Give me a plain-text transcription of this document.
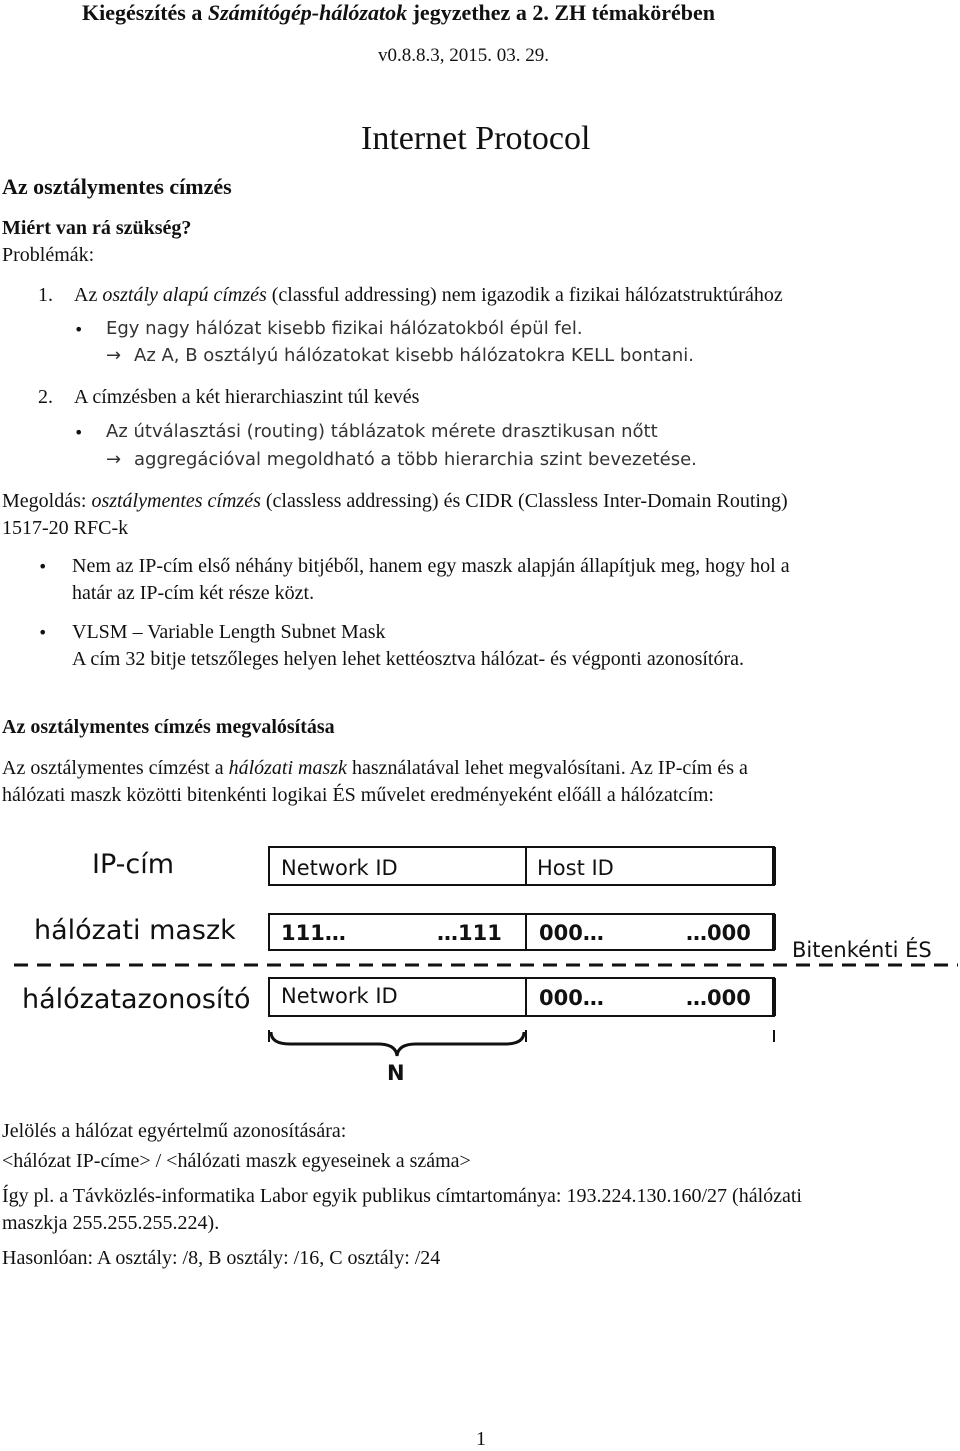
Kiegészítés a Számítógép-hálózatok jegyzethez a 2. ZH témakörében
v0.8.8.3, 2015. 03. 29.
Internet Protocol
Az osztálymentes címzés
Miért van rá szükség?
Problémák:
1. Az osztály alapú címzés (classful addressing) nem igazodik a fizikai hálózatstruktúrához
• Egy nagy hálózat kisebb fizikai hálózatokból épül fel.
→ Az A, B osztályú hálózatokat kisebb hálózatokra KELL bontani.
2. A címzésben a két hierarchiaszint túl kevés
• Az útválasztási (routing) táblázatok mérete drasztikusan nőtt
→ aggregációval megoldható a több hierarchia szint bevezetése.
Megoldás: osztálymentes címzés (classless addressing) és CIDR (Classless Inter-Domain Routing)
1517-20 RFC-k
• Nem az IP-cím első néhány bitjéből, hanem egy maszk alapján állapítjuk meg, hogy hol a
határ az IP-cím két része közt.
• VLSM – Variable Length Subnet Mask
A cím 32 bitje tetszőleges helyen lehet kettéosztva hálózat- és végponti azonosítóra.
Az osztálymentes címzés megvalósítása
Az osztálymentes címzést a hálózati maszk használatával lehet megvalósítani. Az IP-cím és a
hálózati maszk közötti bitenkénti logikai ÉS művelet eredményeként előáll a hálózatcím:
IP-cím
hálózati maszk
hálózatazonosító
Network ID	Host ID
111…	…111 000…	…000
Bitenkénti ÉS
Network ID	000…	…000
N
Jelölés a hálózat egyértelmű azonosítására:
<hálózat IP-címe> / <hálózati maszk egyeseinek a száma>
Így pl. a Távközlés-informatika Labor egyik publikus címtartománya: 193.224.130.160/27 (hálózati
maszkja 255.255.255.224).
Hasonlóan: A osztály: /8, B osztály: /16, C osztály: /24
1
